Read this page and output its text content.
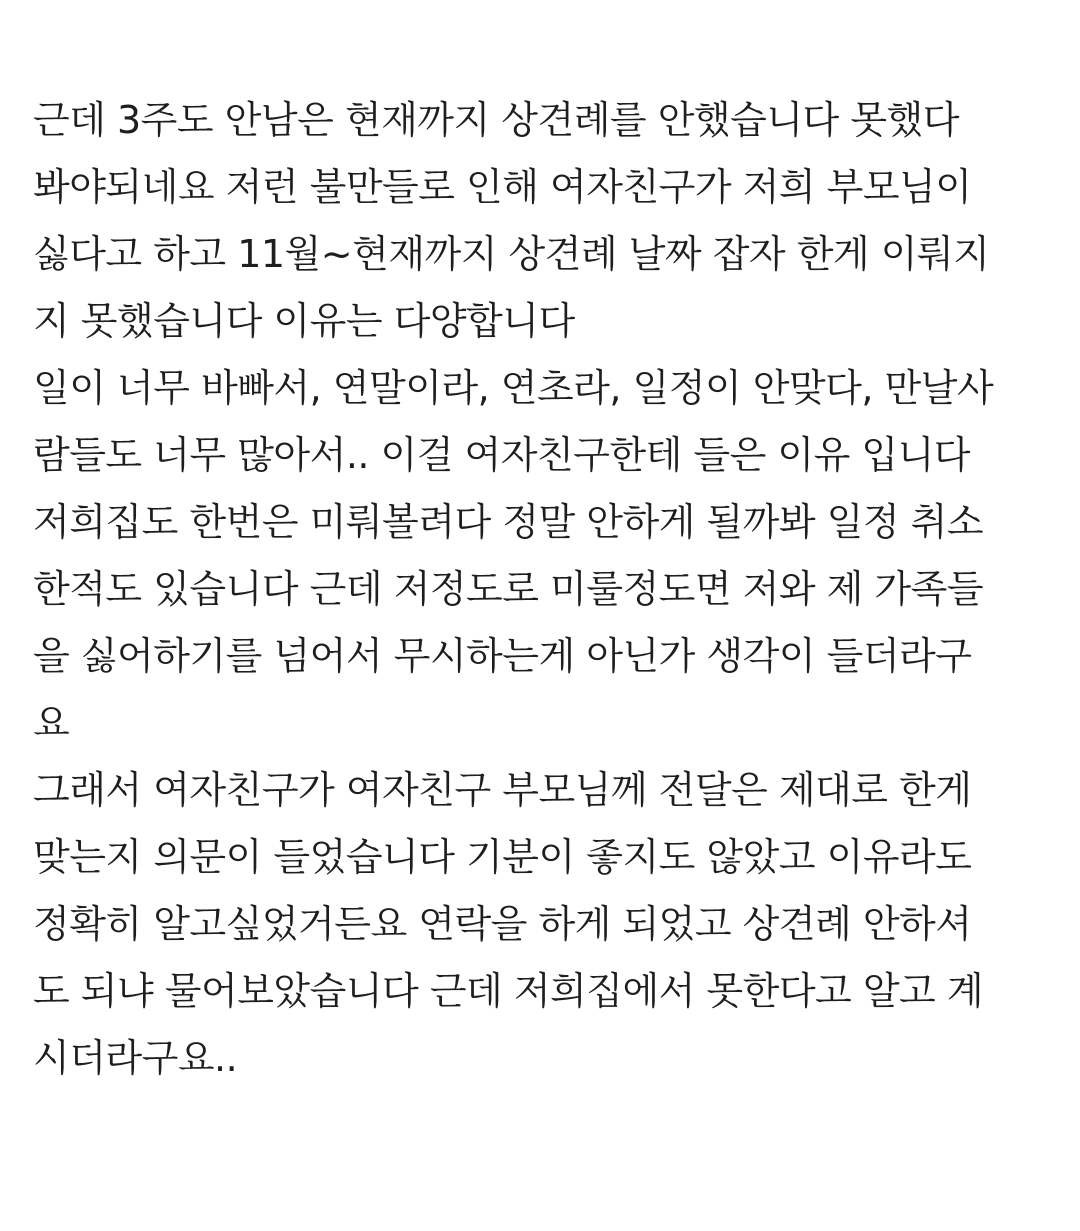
근데 3주도 안남은 현재까지 상견례를 안했습니다 못했다
봐야되네요 저런 불만들로 인해 여자친구가 저희 부모님이
싫다고 하고 11월~현재까지 상견례 날짜 잡자 한게 이뤄지
지 못했습니다 이유는 다양합니다
일이 너무 바빠서, 연말이라, 연초라, 일정이 안맞다, 만날사
람들도 너무 많아서.. 이걸 여자친구한테 들은 이유 입니다
저희집도 한번은 미뤄볼려다 정말 안하게 될까봐 일정 취소
한적도 있습니다 근데 저정도로 미룰정도면 저와 제 가족들
을 싫어하기를 넘어서 무시하는게 아닌가 생각이 들더라구
요
그래서 여자친구가 여자친구 부모님께 전달은 제대로 한게
맞는지 의문이 들었습니다 기분이 좋지도 않았고 이유라도
정확히 알고싶었거든요 연락을 하게 되었고 상견례 안하셔
도 되냐 물어보았습니다 근데 저희집에서 못한다고 알고 계
시더라구요..
